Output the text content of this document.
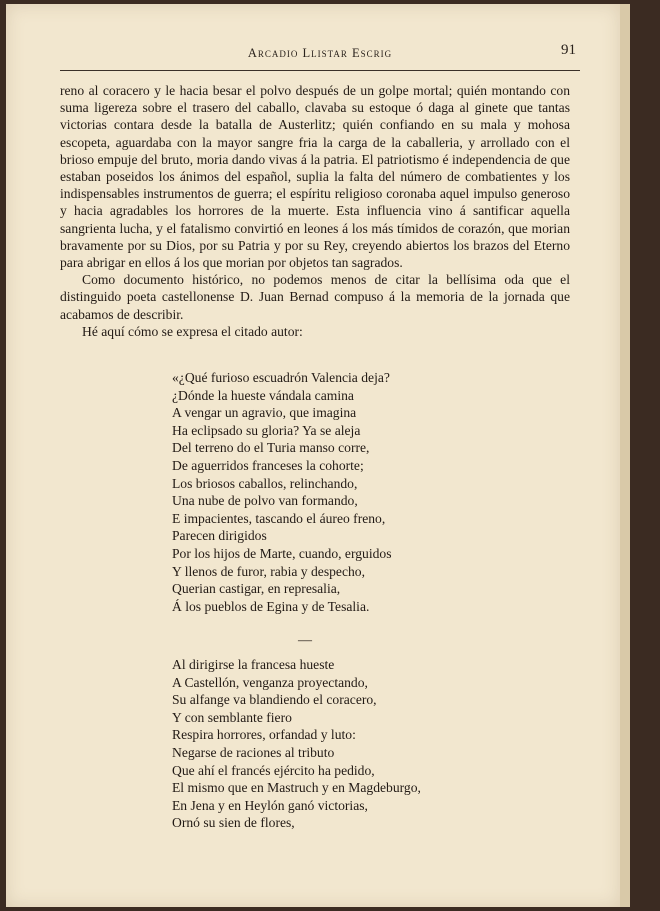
Arcadio Llistar Escrig	91

reno al coracero y le hacia besar el polvo después de un golpe mortal; quién montando con suma ligereza sobre el trasero del caballo, clavaba su estoque ó daga al ginete que tantas victorias contara desde la batalla de Austerlitz; quién confiando en su mala y mohosa escopeta, aguardaba con la mayor sangre fria la carga de la caballeria, y arrollado con el brioso empuje del bruto, moria dando vivas á la patria. El patriotismo é independencia de que estaban poseidos los ánimos del español, suplia la falta del número de combatientes y los indispensables instrumentos de guerra; el espíritu religioso coronaba aquel impulso generoso y hacia agradables los horrores de la muerte. Esta influencia vino á santificar aquella sangrienta lucha, y el fatalismo convirtió en leones á los más tímidos de corazón, que morian bravamente por su Dios, por su Patria y por su Rey, creyendo abiertos los brazos del Eterno para abrigar en ellos á los que morian por objetos tan sagrados.

Como documento histórico, no podemos menos de citar la bellísima oda que el distinguido poeta castellonense D. Juan Bernad compuso á la memoria de la jornada que acabamos de describir.

Hé aquí cómo se expresa el citado autor:

«¿Qué furioso escuadrón Valencia deja?
¿Dónde la hueste vándala camina
A vengar un agravio, que imagina
Ha eclipsado su gloria? Ya se aleja
Del terreno do el Turia manso corre,
De aguerridos franceses la cohorte;
Los briosos caballos, relinchando,
Una nube de polvo van formando,
E impacientes, tascando el áureo freno,
Parecen dirigidos
Por los hijos de Marte, cuando, erguidos
Y llenos de furor, rabia y despecho,
Querian castigar, en represalia,
Á los pueblos de Egina y de Tesalia.
—
Al dirigirse la francesa hueste
A Castellón, venganza proyectando,
Su alfange va blandiendo el coracero,
Y con semblante fiero
Respira horrores, orfandad y luto:
Negarse de raciones al tributo
Que ahí el francés ejército ha pedido,
El mismo que en Mastruch y en Magdeburgo,
En Jena y en Heylón ganó victorias,
Ornó su sien de flores,
